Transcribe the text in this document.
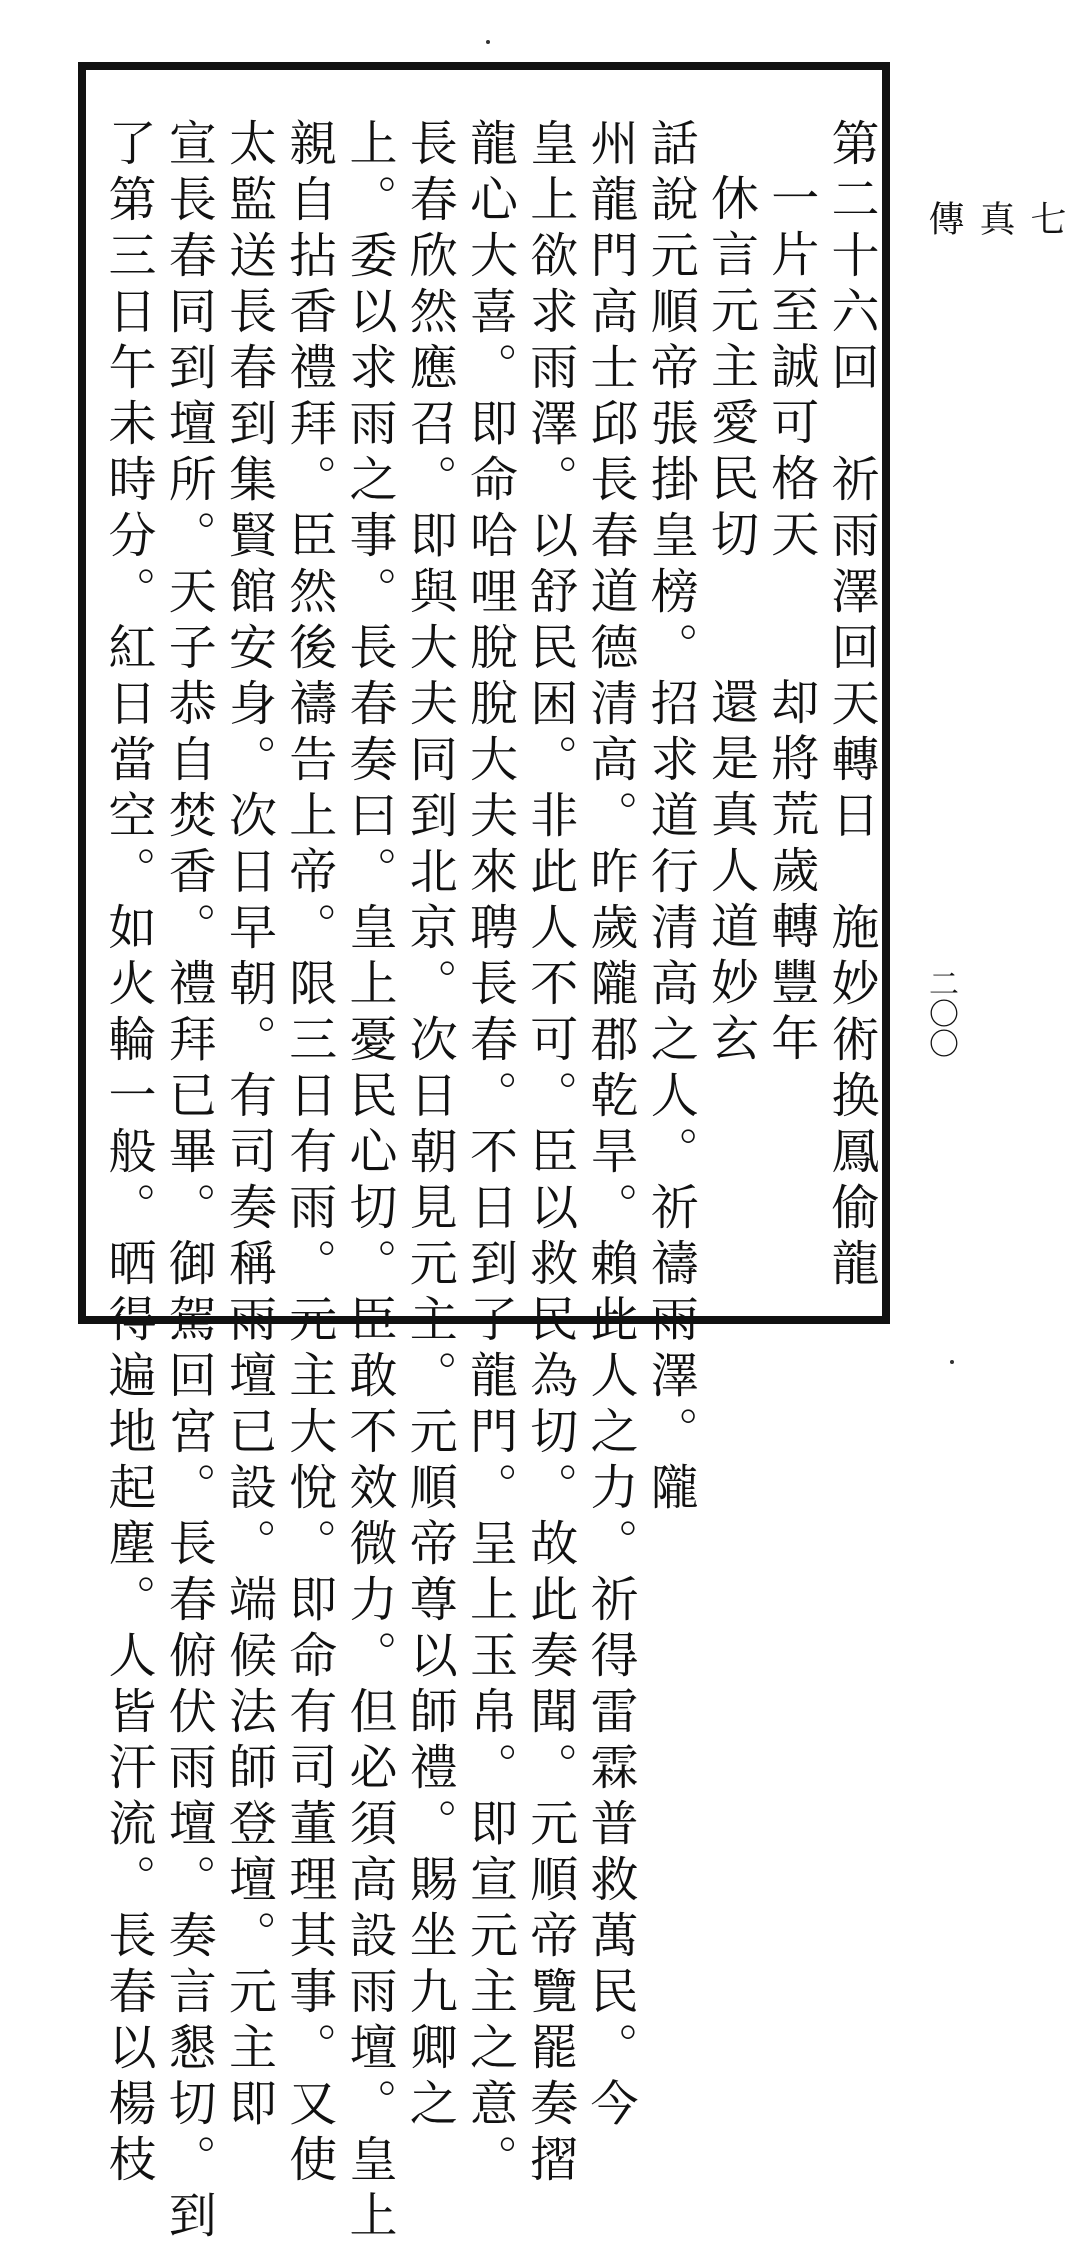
第二十六回　祈雨澤回天轉日　施妙術换鳳偷龍
一片至誠可格天　　却將荒歲轉豐年
休言元主愛民切　　還是真人道妙玄
話說元順帝張掛皇榜。招求道行清高之人。祈禱雨澤。隴
州龍門高士邱長春道德清高。昨歲隴郡乾旱。賴此人之力。祈得雷霖普救萬民。今
皇上欲求雨澤。以舒民困。非此人不可。臣以救民為切。故此奏聞。元順帝覽罷奏摺
龍心大喜。即命哈哩脫脫大夫來聘長春。不日到了龍門。呈上玉帛。即宣元主之意。
長春欣然應召。即與大夫同到北京。次日朝見元主。元順帝尊以師禮。賜坐九卿之
上。委以求雨之事。長春奏曰。皇上憂民心切。臣敢不效微力。但必須高設雨壇。皇上
親自拈香禮拜。臣然後禱告上帝。限三日有雨。元主大悅。即命有司董理其事。又使
太監送長春到集賢館安身。次日早朝。有司奏稱雨壇已設。端候法師登壇。元主即
宣長春同到壇所。天子恭自焚香。禮拜已畢。御駕回宮。長春俯伏雨壇。奏言懇切。到
了第三日午未時分。紅日當空。如火輪一般。晒得遍地起塵。人皆汗流。長春以楊枝	七
真
傳
二〇〇
